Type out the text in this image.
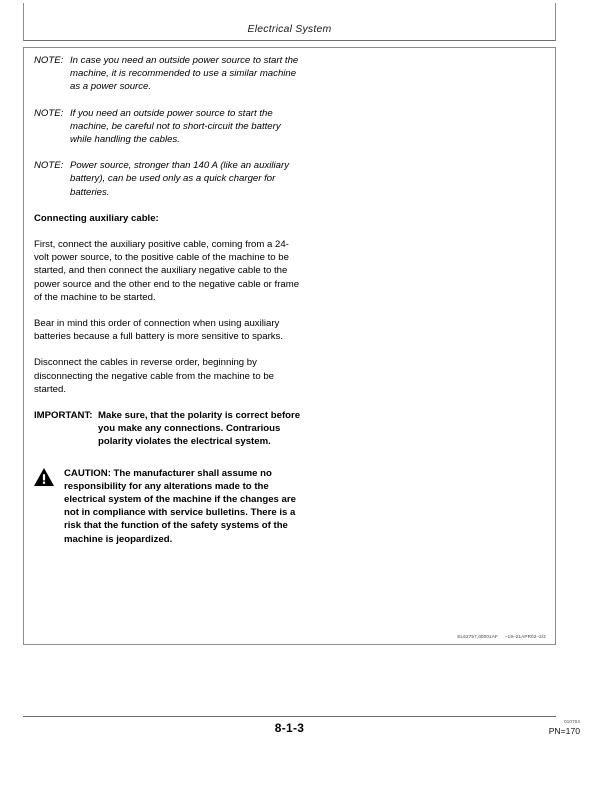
Electrical System
NOTE: In case you need an outside power source to start the machine, it is recommended to use a similar machine as a power source.
NOTE: If you need an outside power source to start the machine, be careful not to short-circuit the battery while handling the cables.
NOTE: Power source, stronger than 140 A (like an auxiliary battery), can be used only as a quick charger for batteries.
Connecting auxiliary cable:
First, connect the auxiliary positive cable, coming from a 24-volt power source, to the positive cable of the machine to be started, and then connect the auxiliary negative cable to the power source and the other end to the negative cable or frame of the machine to be started.
Bear in mind this order of connection when using auxiliary batteries because a full battery is more sensitive to sparks.
Disconnect the cables in reverse order, beginning by disconnecting the negative cable from the machine to be started.
IMPORTANT: Make sure, that the polarity is correct before you make any connections. Contrarious polarity violates the electrical system.
CAUTION: The manufacturer shall assume no responsibility for any alterations made to the electrical system of the machine if the changes are not in compliance with service bulletins. There is a risk that the function of the safety systems of the machine is jeopardized.
EL62757,00001AF –19–21APR02–2/2
8-1-3	010704
PN=170
